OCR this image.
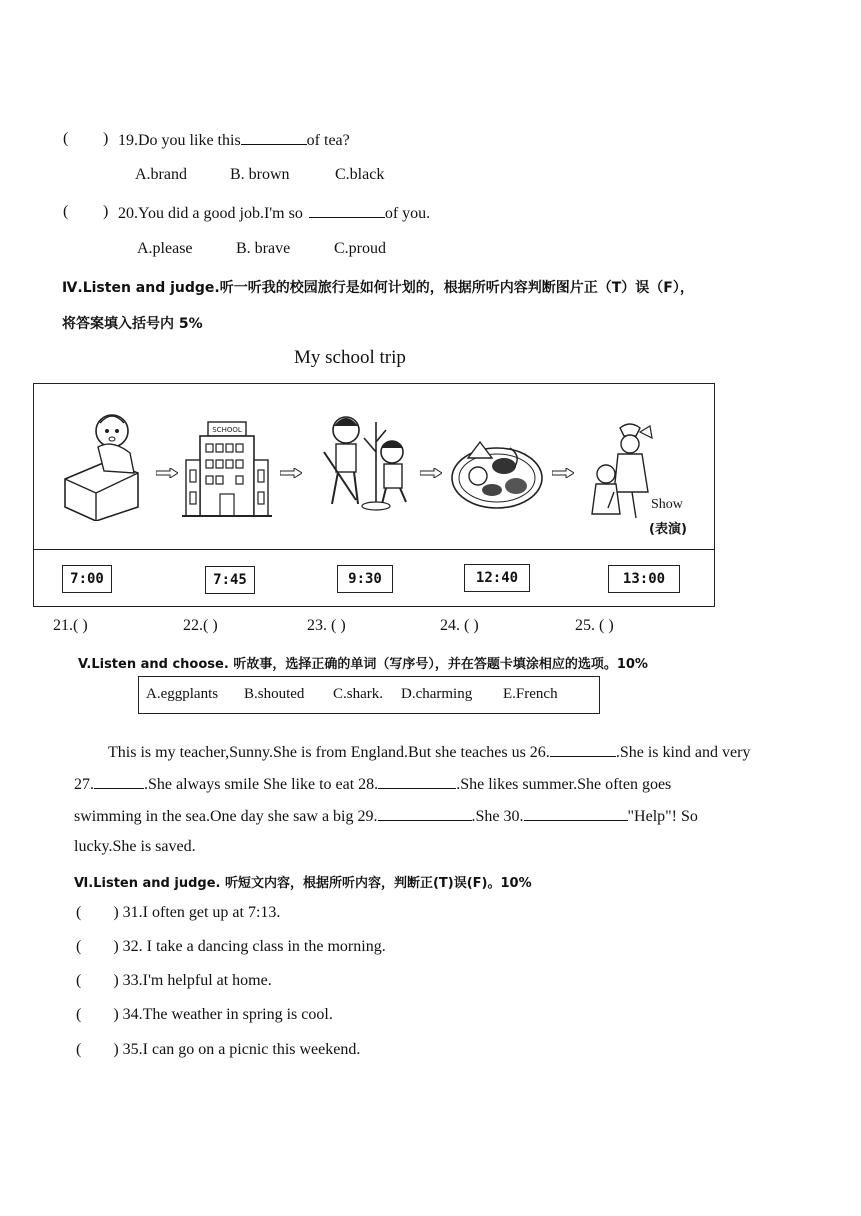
( ) 19.Do you like this	of tea?
A.brand	B. brown	C.black
( ) 20.You did a good job.I'm so	of you.
A.please	B. brave	C.proud
Ⅳ.Listen and judge.听一听我的校园旅行是如何计划的，根据所听内容判断图片正（T）误（F），
将答案填入括号内 5%
My school trip
SCHOOL
Show
(表演)
7:00	7:45	9:30	12:40	13:00
21.( )	22.( )	23. ( )	24. ( )	25. ( )
V.Listen and choose. 听故事，选择正确的单词（写序号），并在答题卡填涂相应的选项。10%
A.eggplants B.shouted C.shark. D.charming E.French
This is my teacher,Sunny.She is from England.But she teaches us 26.	.She is kind and very
27.	.She always smile She like to eat 28.	.She likes summer.She often goes
swimming in the sea.One day she saw a big 29.	.She 30.	"Help"! So
lucky.She is saved.
Ⅵ.Listen and judge. 听短文内容，根据所听内容，判断正(T)误(F)。10%
( ) 31.I often get up at 7:13.
( ) 32. I take a dancing class in the morning.
( ) 33.I'm helpful at home.
( ) 34.The weather in spring is cool.
( ) 35.I can go on a picnic this weekend.
